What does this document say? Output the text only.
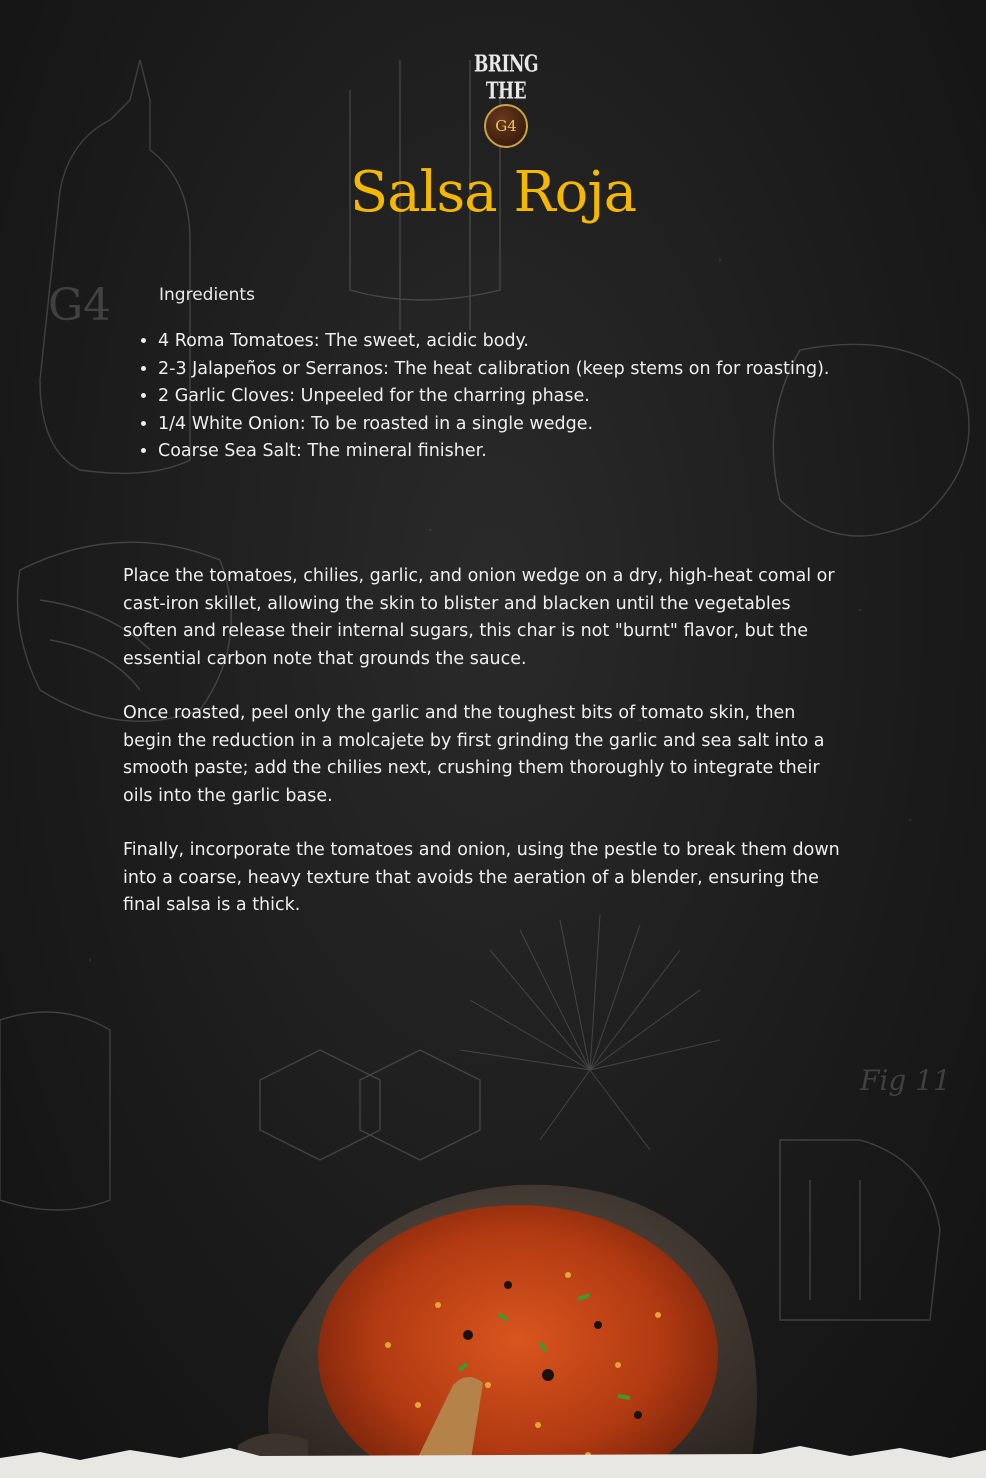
G4
Fig 11
BRING THE
G4
Salsa Roja
Ingredients
• 4 Roma Tomatoes: The sweet, acidic body.
• 2-3 Jalapeños or Serranos: The heat calibration (keep stems on for roasting).
• 2 Garlic Cloves: Unpeeled for the charring phase.
• 1/4 White Onion: To be roasted in a single wedge.
• Coarse Sea Salt: The mineral finisher.

Place the tomatoes, chilies, garlic, and onion wedge on a dry, high-heat comal or cast-iron skillet, allowing the skin to blister and blacken until the vegetables soften and release their internal sugars, this char is not "burnt" flavor, but the essential carbon note that grounds the sauce.

Once roasted, peel only the garlic and the toughest bits of tomato skin, then begin the reduction in a molcajete by first grinding the garlic and sea salt into a smooth paste; add the chilies next, crushing them thoroughly to integrate their oils into the garlic base.

Finally, incorporate the tomatoes and onion, using the pestle to break them down into a coarse, heavy texture that avoids the aeration of a blender, ensuring the final salsa is a thick.
